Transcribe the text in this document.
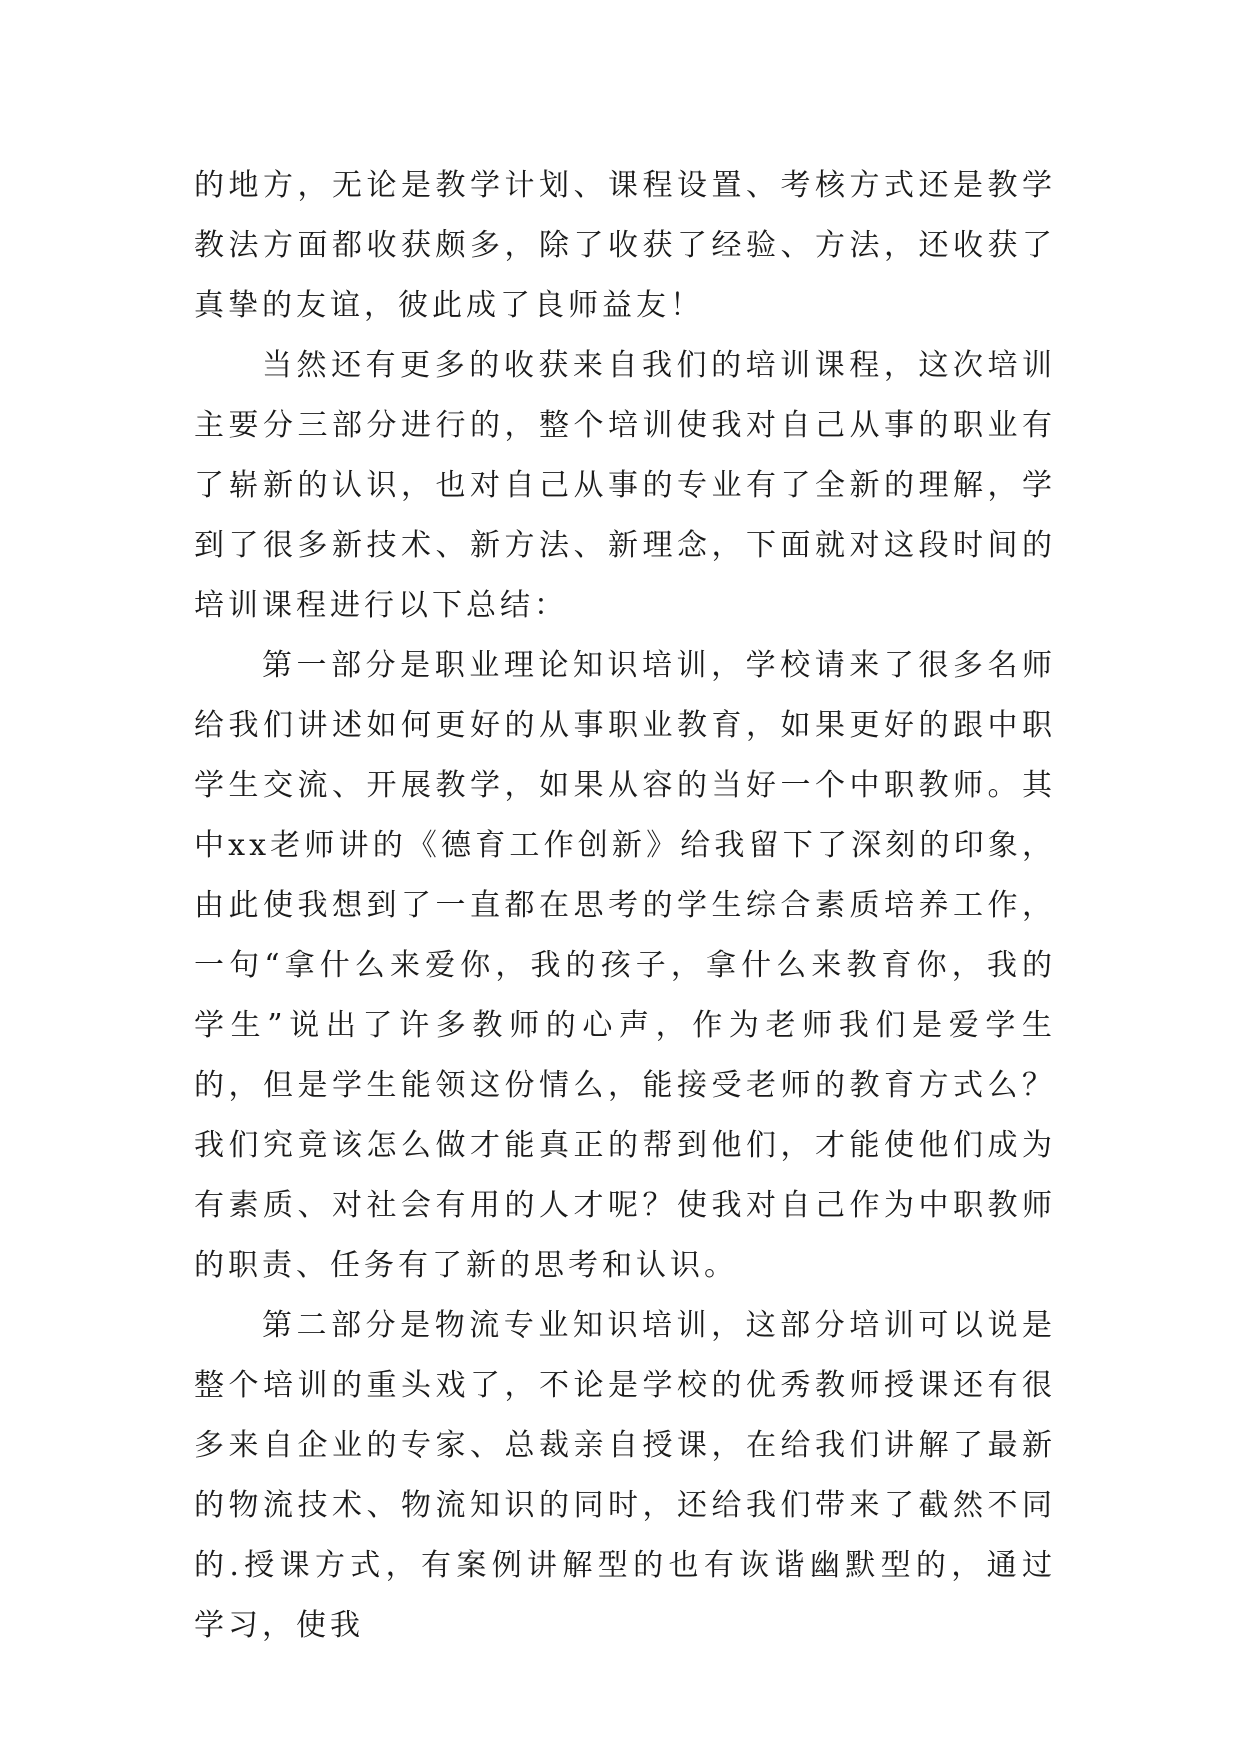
的地方，无论是教学计划、课程设置、考核方式还是教学教法方面都收获颇多，除了收获了经验、方法，还收获了真挚的友谊，彼此成了良师益友！

当然还有更多的收获来自我们的培训课程，这次培训主要分三部分进行的，整个培训使我对自己从事的职业有了崭新的认识，也对自己从事的专业有了全新的理解，学到了很多新技术、新方法、新理念，下面就对这段时间的培训课程进行以下总结：

第一部分是职业理论知识培训，学校请来了很多名师给我们讲述如何更好的从事职业教育，如果更好的跟中职学生交流、开展教学，如果从容的当好一个中职教师。其中xx老师讲的《德育工作创新》给我留下了深刻的印象，由此使我想到了一直都在思考的学生综合素质培养工作，一句“拿什么来爱你，我的孩子，拿什么来教育你，我的学生”说出了许多教师的心声，作为老师我们是爱学生的，但是学生能领这份情么，能接受老师的教育方式么？我们究竟该怎么做才能真正的帮到他们，才能使他们成为有素质、对社会有用的人才呢？使我对自己作为中职教师的职责、任务有了新的思考和认识。

第二部分是物流专业知识培训，这部分培训可以说是整个培训的重头戏了，不论是学校的优秀教师授课还有很多来自企业的专家、总裁亲自授课，在给我们讲解了最新的物流技术、物流知识的同时，还给我们带来了截然不同的.授课方式，有案例讲解型的也有诙谐幽默型的，通过学习，使我
